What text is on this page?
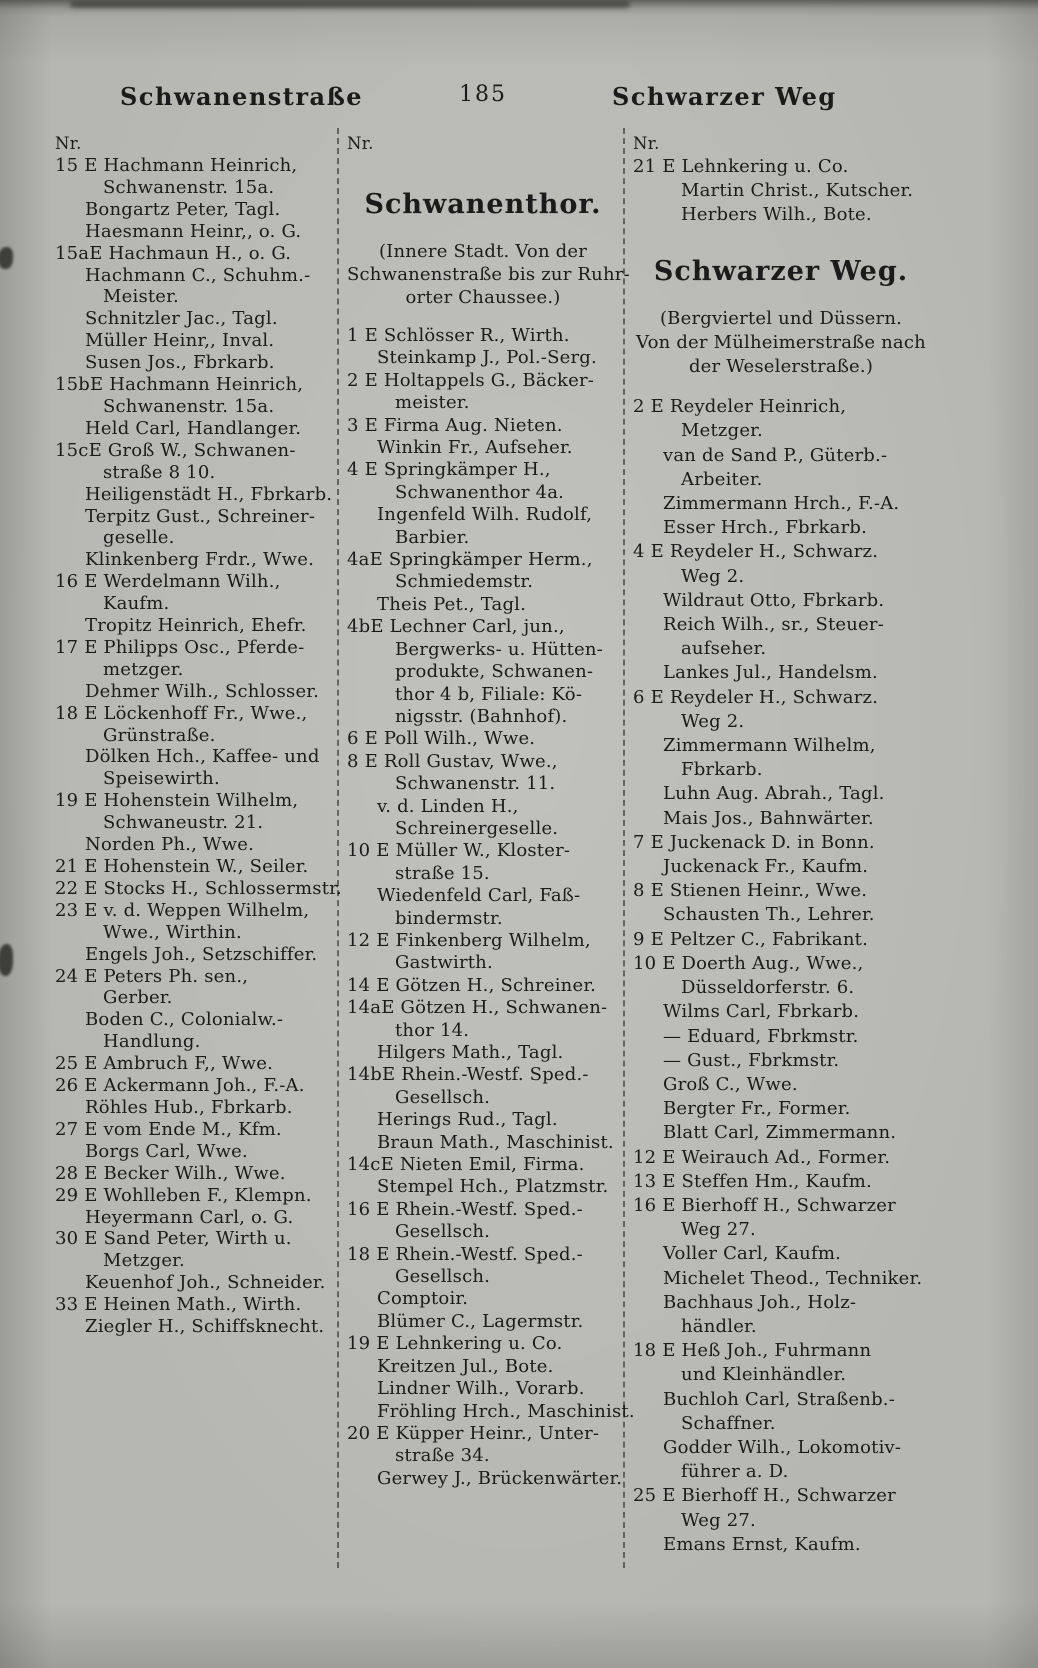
Schwanenstraße	185	Schwarzer Weg
Nr.
15 E Hachmann Heinrich,
Schwanenstr. 15a.
Bongartz Peter, Tagl.
Haesmann Heinr,, o. G.
15aE Hachmaun H., o. G.
Hachmann C., Schuhm.-
Meister.
Schnitzler Jac., Tagl.
Müller Heinr,, Inval.
Susen Jos., Fbrkarb.
15bE Hachmann Heinrich,
Schwanenstr. 15a.
Held Carl, Handlanger.
15cE Groß W., Schwanen-
straße 8 10.
Heiligenstädt H., Fbrkarb.
Terpitz Gust., Schreiner-
geselle.
Klinkenberg Frdr., Wwe.
16 E Werdelmann Wilh.,
Kaufm.
Tropitz Heinrich, Ehefr.
17 E Philipps Osc., Pferde-
metzger.
Dehmer Wilh., Schlosser.
18 E Löckenhoff Fr., Wwe.,
Grünstraße.
Dölken Hch., Kaffee- und
Speisewirth.
19 E Hohenstein Wilhelm,
Schwaneustr. 21.
Norden Ph., Wwe.
21 E Hohenstein W., Seiler.
22 E Stocks H., Schlossermstr.
23 E v. d. Weppen Wilhelm,
Wwe., Wirthin.
Engels Joh., Setzschiffer.
24 E Peters Ph. sen.,
Gerber.
Boden C., Colonialw.-
Handlung.
25 E Ambruch F,, Wwe.
26 E Ackermann Joh., F.-A.
Röhles Hub., Fbrkarb.
27 E vom Ende M., Kfm.
Borgs Carl, Wwe.
28 E Becker Wilh., Wwe.
29 E Wohlleben F., Klempn.
Heyermann Carl, o. G.
30 E Sand Peter, Wirth u.
Metzger.
Keuenhof Joh., Schneider.
33 E Heinen Math., Wirth.
Ziegler H., Schiffsknecht.
Nr.
Schwanenthor.
(Innere Stadt. Von der
Schwanenstraße bis zur Ruhr-
orter Chaussee.)
1 E Schlösser R., Wirth.
Steinkamp J., Pol.-Serg.
2 E Holtappels G., Bäcker-
meister.
3 E Firma Aug. Nieten.
Winkin Fr., Aufseher.
4 E Springkämper H.,
Schwanenthor 4a.
Ingenfeld Wilh. Rudolf,
Barbier.
4aE Springkämper Herm.,
Schmiedemstr.
Theis Pet., Tagl.
4bE Lechner Carl, jun.,
Bergwerks- u. Hütten-
produkte, Schwanen-
thor 4 b, Filiale: Kö-
nigsstr. (Bahnhof).
6 E Poll Wilh., Wwe.
8 E Roll Gustav, Wwe.,
Schwanenstr. 11.
v. d. Linden H.,
Schreinergeselle.
10 E Müller W., Kloster-
straße 15.
Wiedenfeld Carl, Faß-
bindermstr.
12 E Finkenberg Wilhelm,
Gastwirth.
14 E Götzen H., Schreiner.
14aE Götzen H., Schwanen-
thor 14.
Hilgers Math., Tagl.
14bE Rhein.-Westf. Sped.-
Gesellsch.
Herings Rud., Tagl.
Braun Math., Maschinist.
14cE Nieten Emil, Firma.
Stempel Hch., Platzmstr.
16 E Rhein.-Westf. Sped.-
Gesellsch.
18 E Rhein.-Westf. Sped.-
Gesellsch.
Comptoir.
Blümer C., Lagermstr.
19 E Lehnkering u. Co.
Kreitzen Jul., Bote.
Lindner Wilh., Vorarb.
Fröhling Hrch., Maschinist.
20 E Küpper Heinr., Unter-
straße 34.
Gerwey J., Brückenwärter.
Nr.
21 E Lehnkering u. Co.
Martin Christ., Kutscher.
Herbers Wilh., Bote.
Schwarzer Weg.
(Bergviertel und Düssern.
Von der Mülheimerstraße nach
der Weselerstraße.)
2 E Reydeler Heinrich,
Metzger.
van de Sand P., Güterb.-
Arbeiter.
Zimmermann Hrch., F.-A.
Esser Hrch., Fbrkarb.
4 E Reydeler H., Schwarz.
Weg 2.
Wildraut Otto, Fbrkarb.
Reich Wilh., sr., Steuer-
aufseher.
Lankes Jul., Handelsm.
6 E Reydeler H., Schwarz.
Weg 2.
Zimmermann Wilhelm,
Fbrkarb.
Luhn Aug. Abrah., Tagl.
Mais Jos., Bahnwärter.
7 E Juckenack D. in Bonn.
Juckenack Fr., Kaufm.
8 E Stienen Heinr., Wwe.
Schausten Th., Lehrer.
9 E Peltzer C., Fabrikant.
10 E Doerth Aug., Wwe.,
Düsseldorferstr. 6.
Wilms Carl, Fbrkarb.
— Eduard, Fbrkmstr.
— Gust., Fbrkmstr.
Groß C., Wwe.
Bergter Fr., Former.
Blatt Carl, Zimmermann.
12 E Weirauch Ad., Former.
13 E Steffen Hm., Kaufm.
16 E Bierhoff H., Schwarzer
Weg 27.
Voller Carl, Kaufm.
Michelet Theod., Techniker.
Bachhaus Joh., Holz-
händler.
18 E Heß Joh., Fuhrmann
und Kleinhändler.
Buchloh Carl, Straßenb.-
Schaffner.
Godder Wilh., Lokomotiv-
führer a. D.
25 E Bierhoff H., Schwarzer
Weg 27.
Emans Ernst, Kaufm.
